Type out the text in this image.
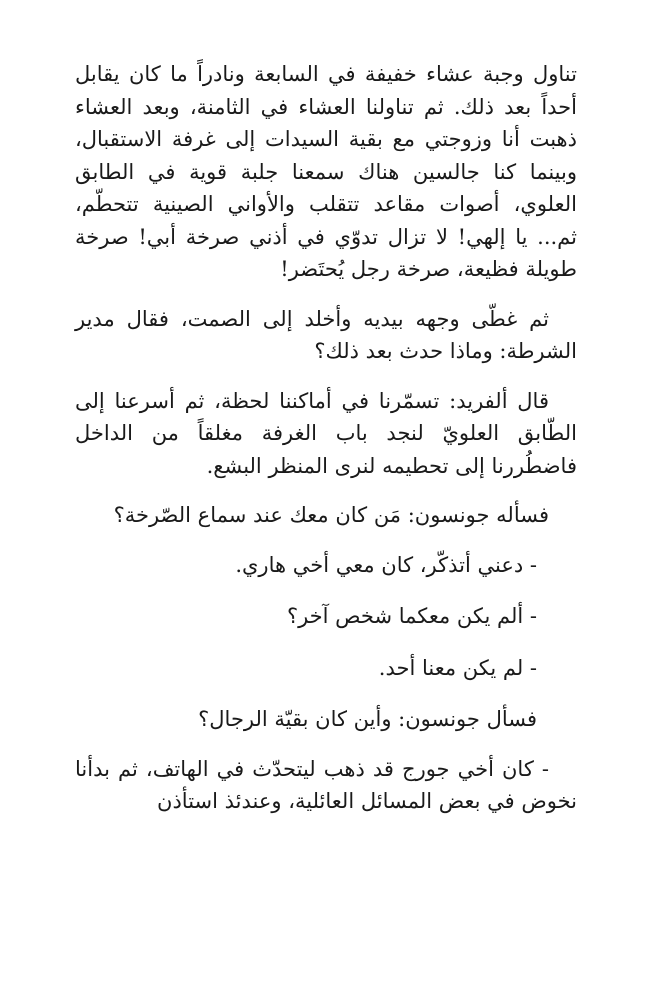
تناول وجبة عشاء خفيفة في السابعة ونادراً ما كان يقابل أحداً بعد ذلك. ثم تناولنا العشاء في الثامنة، وبعد العشاء ذهبت أنا وزوجتي مع بقية السيدات إلى غرفة الاستقبال، وبينما كنا جالسين هناك سمعنا جلبة قوية في الطابق العلوي، أصوات مقاعد تتقلب والأواني الصينية تتحطّم، ثم... يا إلهي! لا تزال تدوّي في أذني صرخة أبي! صرخة طويلة فظيعة، صرخة رجل يُحتَضر!

ثم غطّى وجهه بيديه وأخلد إلى الصمت، فقال مدير الشرطة: وماذا حدث بعد ذلك؟

قال ألفريد: تسمّرنا في أماكننا لحظة، ثم أسرعنا إلى الطّابق العلويّ لنجد باب الغرفة مغلقاً من الداخل فاضطُررنا إلى تحطيمه لنرى المنظر البشع.

فسأله جونسون: مَن كان معك عند سماع الصّرخة؟

- دعني أتذكّر، كان معي أخي هاري.

- ألم يكن معكما شخص آخر؟

- لم يكن معنا أحد.

فسأل جونسون: وأين كان بقيّة الرجال؟

- كان أخي جورج قد ذهب ليتحدّث في الهاتف، ثم بدأنا نخوض في بعض المسائل العائلية، وعندئذ استأذن
